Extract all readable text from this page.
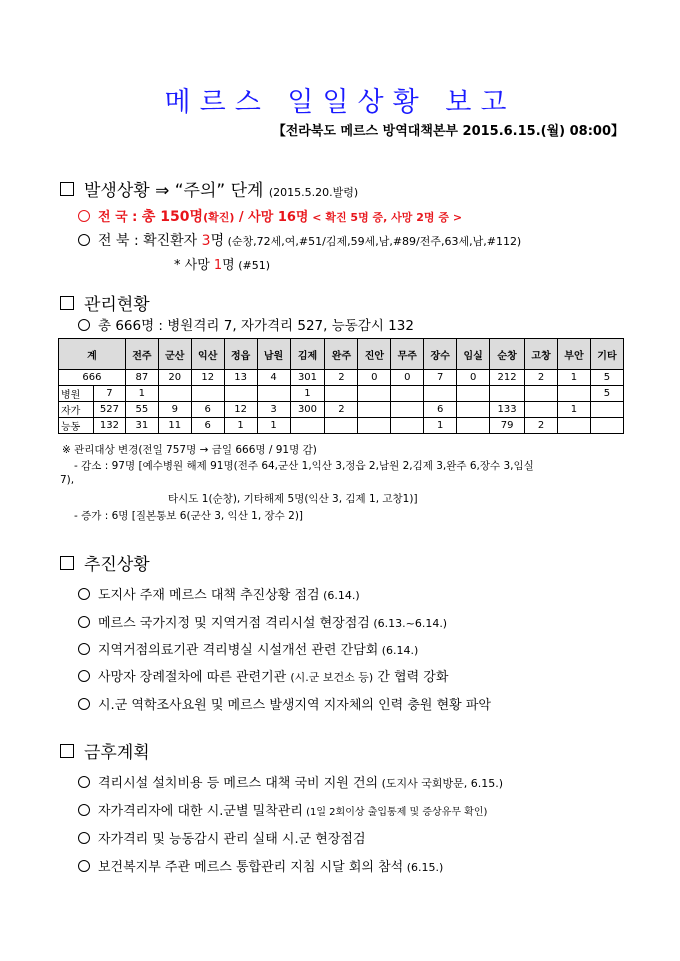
메르스 일일상황 보고
【전라북도 메르스 방역대책본부 2015.6.15.(월) 08:00】
발생상황 ⇒ “주의” 단계 (2015.5.20.발령)
전 국 : 총 150명(확진) / 사망 16명 < 확진 5명 증, 사망 2명 증 >
전 북 : 확진환자 3명 (순창,72세,여,#51/김제,59세,남,#89/전주,63세,남,#112)
* 사망 1명 (#51)
관리현황
총 666명 : 병원격리 7, 자가격리 527, 능동감시 132
계		전주	군산	익산	정읍	남원	김제	완주	진안	무주	장수	임실	순창	고창	부안	기타
666		87	20	12	13	4	301	2	0	0	7	0	212	2	1	5
병원	7	1					1									5
자가	527	55	9	6	12	3	300	2			6		133		1	
능동	132	31	11	6	1	1					1		79	2		
※ 관리대상 변경(전일 757명 → 금일 666명 / 91명 감)
- 감소 : 97명 [예수병원 해제 91명(전주 64,군산 1,익산 3,정읍 2,남원 2,김제 3,완주 6,장수 3,임실
7),
타시도 1(순창), 기타해제 5명(익산 3, 김제 1, 고창1)]
- 증가 : 6명 [질본통보 6(군산 3, 익산 1, 장수 2)]
추진상황
도지사 주재 메르스 대책 추진상황 점검 (6.14.)
메르스 국가지정 및 지역거점 격리시설 현장점검 (6.13.~6.14.)
지역거점의료기관 격리병실 시설개선 관련 간담회 (6.14.)
사망자 장례절차에 따른 관련기관 (시.군 보건소 등) 간 협력 강화
시.군 역학조사요원 및 메르스 발생지역 지자체의 인력 충원 현황 파악
금후계획
격리시설 설치비용 등 메르스 대책 국비 지원 건의 (도지사 국회방문, 6.15.)
자가격리자에 대한 시.군별 밀착관리 (1일 2회이상 출입통제 및 증상유무 확인)
자가격리 및 능동감시 관리 실태 시.군 현장점검
보건복지부 주관 메르스 통합관리 지침 시달 회의 참석 (6.15.)
